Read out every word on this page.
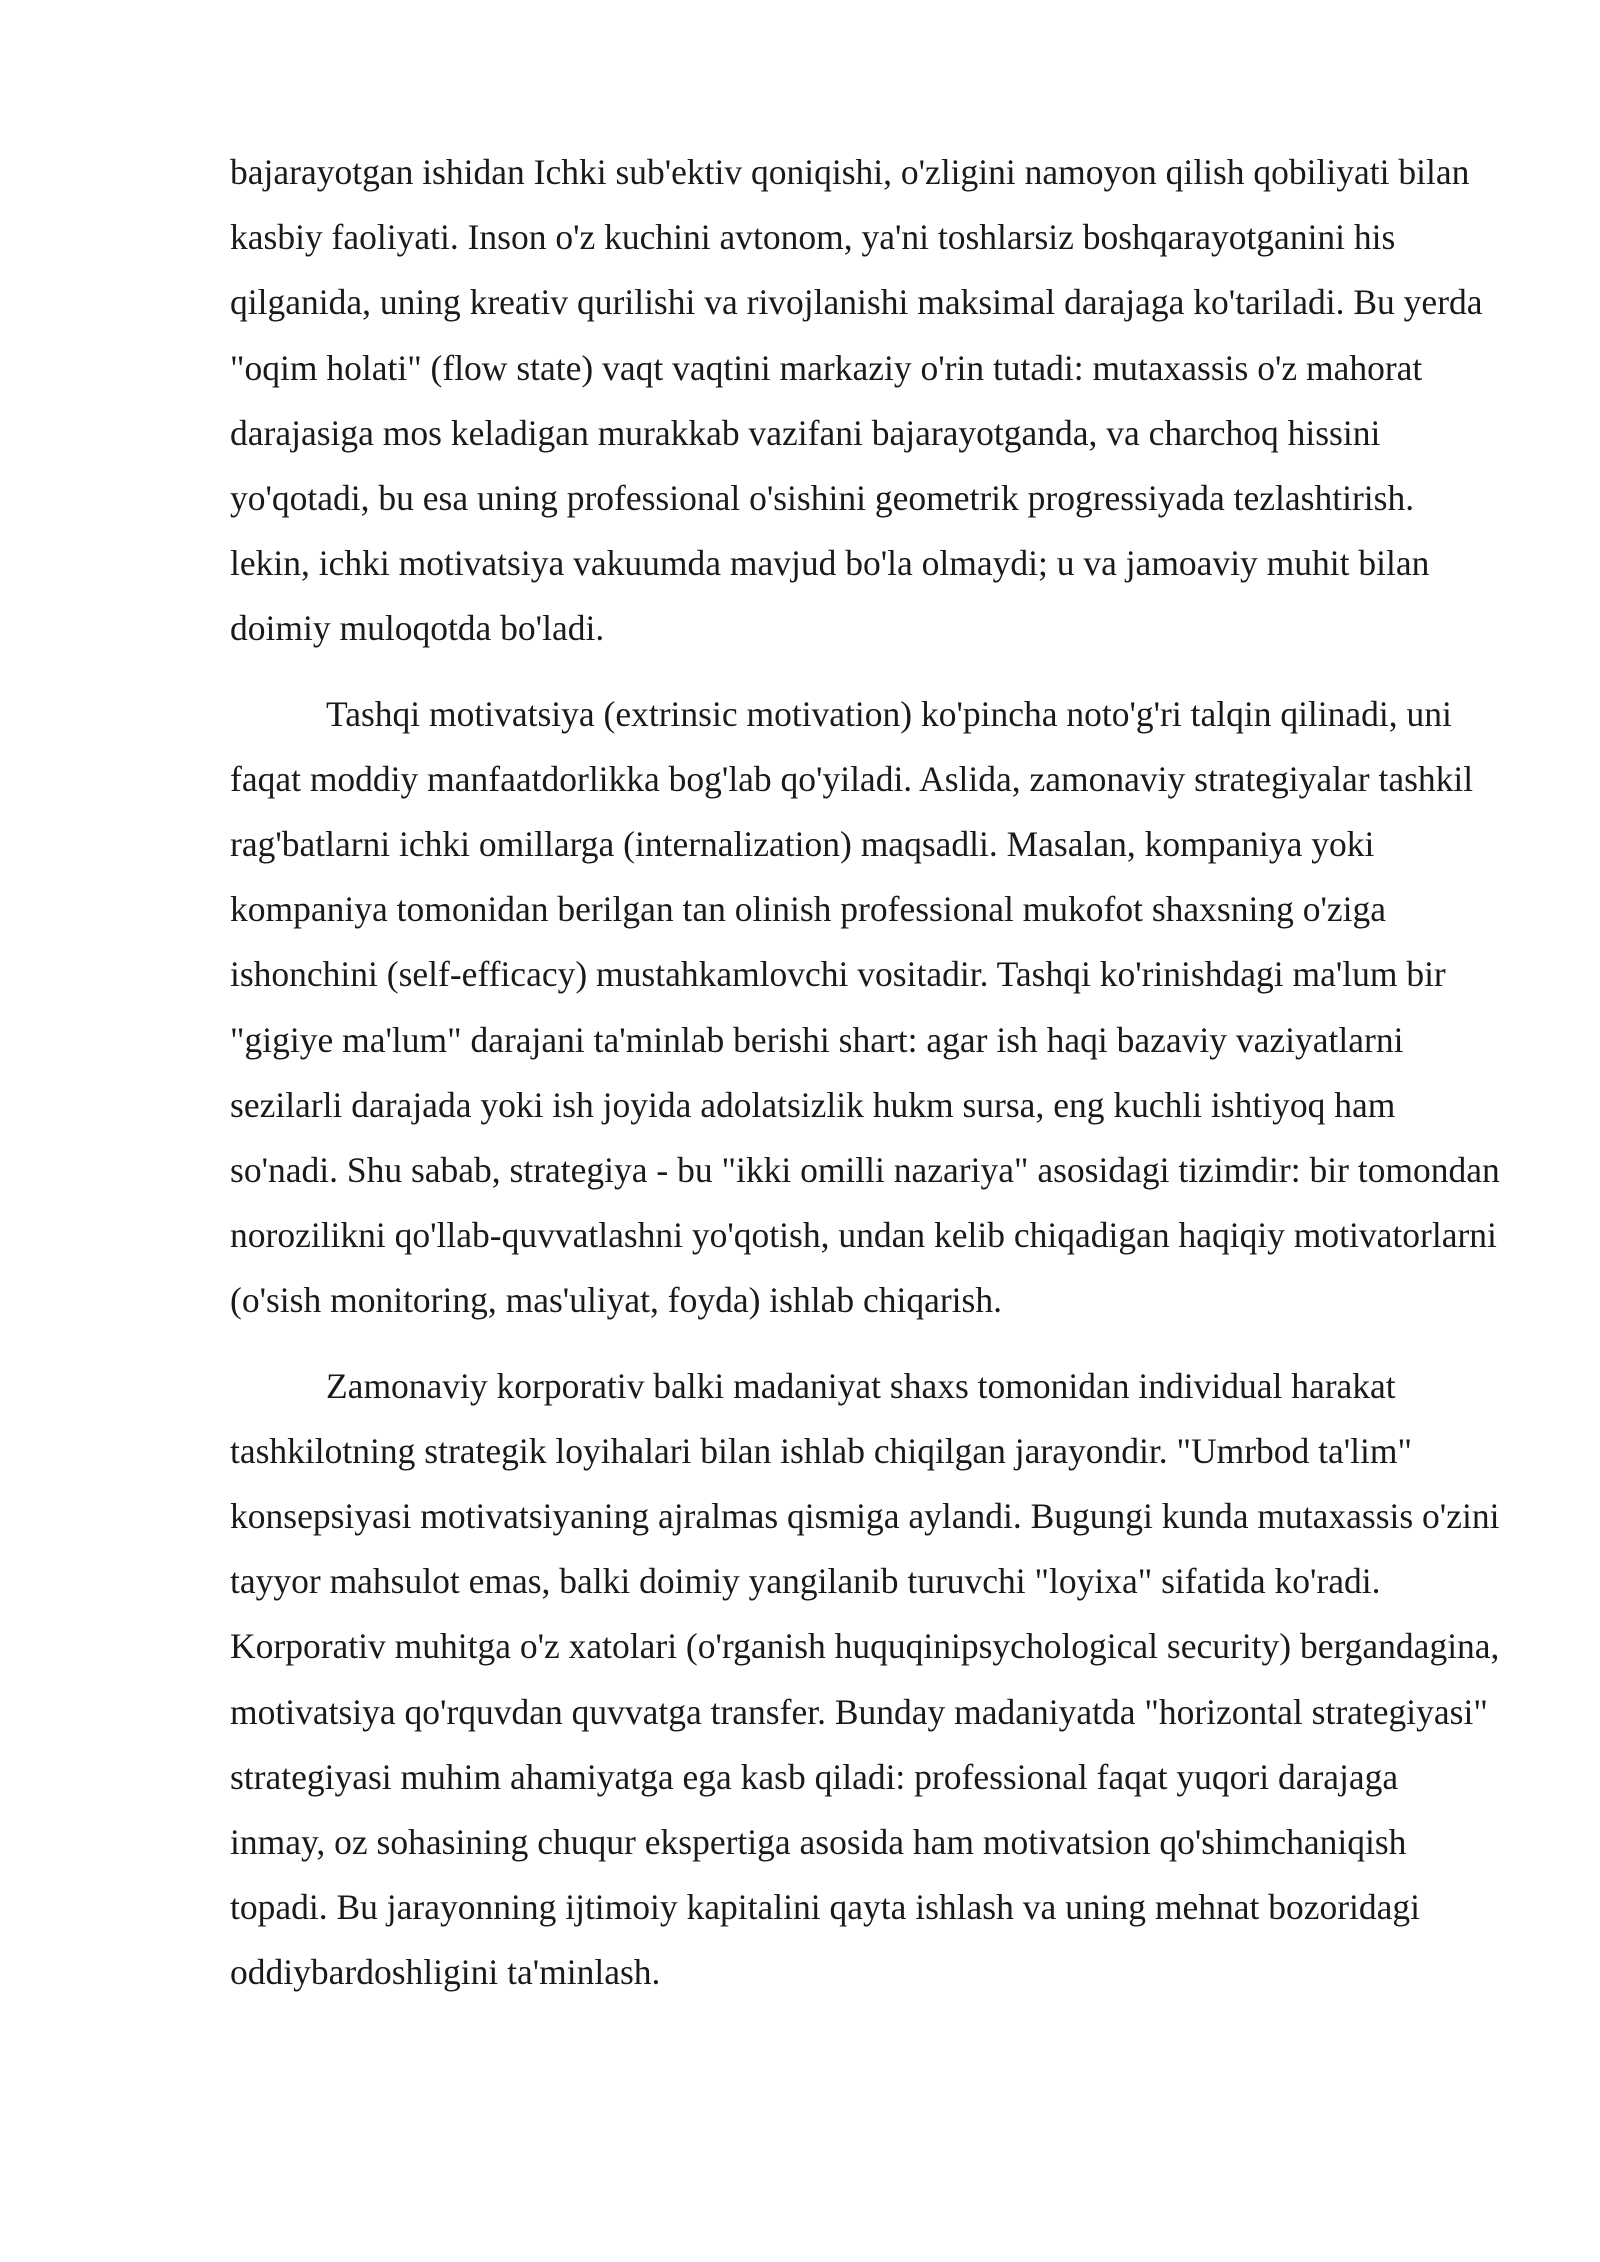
bajarayotgan ishidan Ichki sub'ektiv qoniqishi, o'zligini namoyon qilish qobiliyati bilan kasbiy faoliyati. Inson o'z kuchini avtonom, ya'ni toshlarsiz boshqarayotganini his qilganida, uning kreativ qurilishi va rivojlanishi maksimal darajaga ko'tariladi. Bu yerda "oqim holati" (flow state) vaqt vaqtini markaziy o'rin tutadi: mutaxassis o'z mahorat darajasiga mos keladigan murakkab vazifani bajarayotganda, va charchoq hissini yo'qotadi, bu esa uning professional o'sishini geometrik progressiyada tezlashtirish. lekin, ichki motivatsiya vakuumda mavjud bo'la olmaydi; u va jamoaviy muhit bilan doimiy muloqotda bo'ladi.

Tashqi motivatsiya (extrinsic motivation) ko'pincha noto'g'ri talqin qilinadi, uni faqat moddiy manfaatdorlikka bog'lab qo'yiladi. Aslida, zamonaviy strategiyalar tashkil rag'batlarni ichki omillarga (internalization) maqsadli. Masalan, kompaniya yoki kompaniya tomonidan berilgan tan olinish professional mukofot shaxsning o'ziga ishonchini (self-efficacy) mustahkamlovchi vositadir. Tashqi ko'rinishdagi ma'lum bir "gigiye ma'lum" darajani ta'minlab berishi shart: agar ish haqi bazaviy vaziyatlarni sezilarli darajada yoki ish joyida adolatsizlik hukm sursa, eng kuchli ishtiyoq ham so'nadi. Shu sabab, strategiya - bu "ikki omilli nazariya" asosidagi tizimdir: bir tomondan norozilikni qo'llab-quvvatlashni yo'qotish, undan kelib chiqadigan haqiqiy motivatorlarni (o'sish monitoring, mas'uliyat, foyda) ishlab chiqarish.

Zamonaviy korporativ balki madaniyat shaxs tomonidan individual harakat tashkilotning strategik loyihalari bilan ishlab chiqilgan jarayondir. "Umrbod ta'lim" konsepsiyasi motivatsiyaning ajralmas qismiga aylandi. Bugungi kunda mutaxassis o'zini tayyor mahsulot emas, balki doimiy yangilanib turuvchi "loyixa" sifatida ko'radi. Korporativ muhitga o'z xatolari (o'rganish huquqinipsychological security) bergandagina, motivatsiya qo'rquvdan quvvatga transfer. Bunday madaniyatda "horizontal strategiyasi" strategiyasi muhim ahamiyatga ega kasb qiladi: professional faqat yuqori darajaga inmay, oz sohasining chuqur ekspertiga asosida ham motivatsion qo'shimchaniqish topadi. Bu jarayonning ijtimoiy kapitalini qayta ishlash va uning mehnat bozoridagi oddiybardoshligini ta'minlash.
